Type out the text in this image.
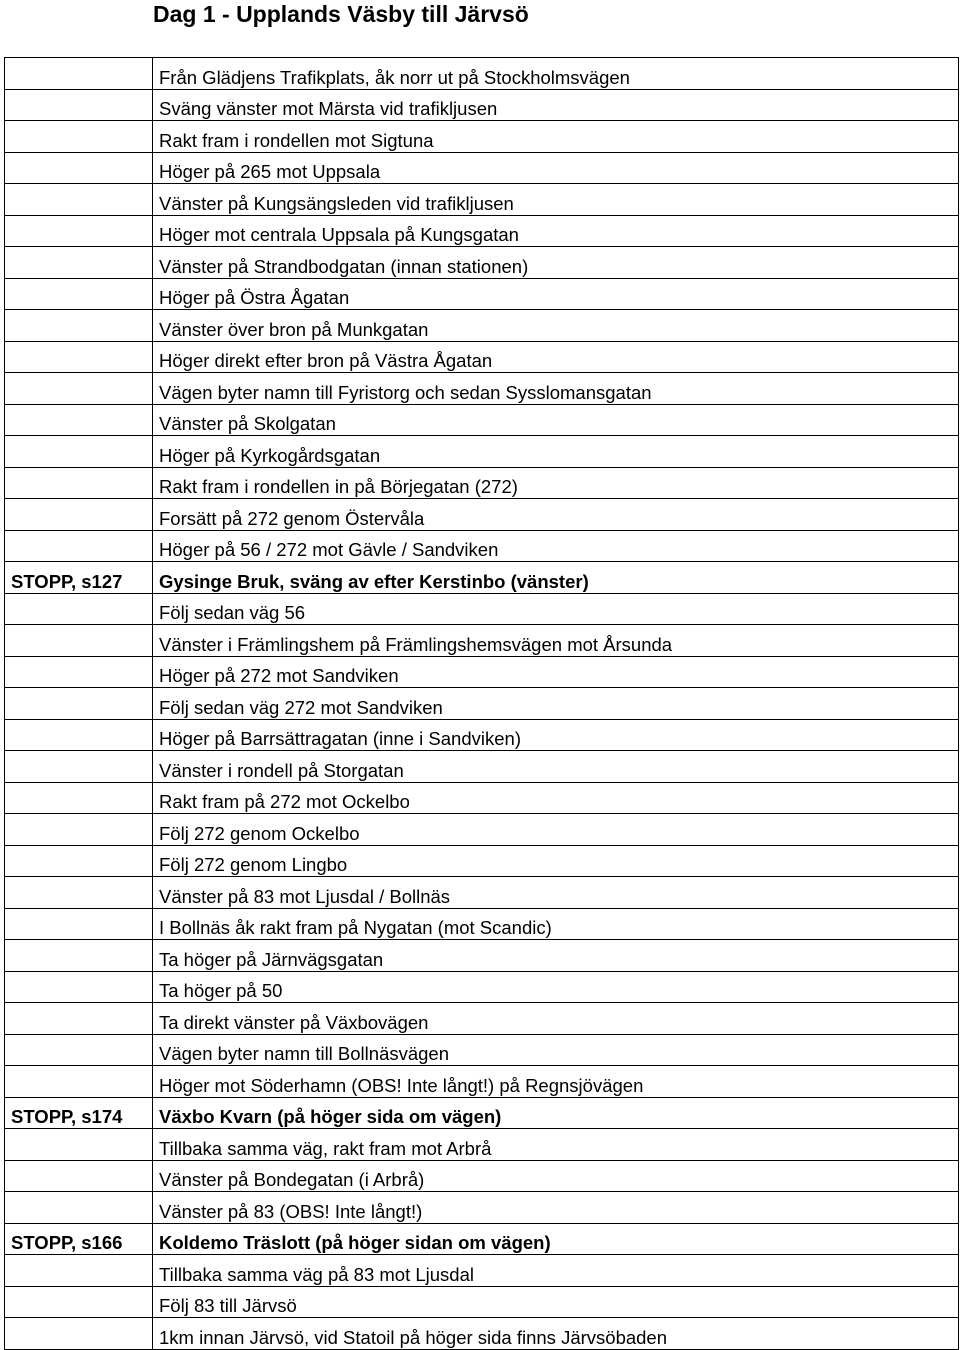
Dag 1 - Upplands Väsby till Järvsö
	Från Glädjens Trafikplats, åk norr ut på Stockholmsvägen
	Sväng vänster mot Märsta vid trafikljusen
	Rakt fram i rondellen mot Sigtuna
	Höger på 265 mot Uppsala
	Vänster på Kungsängsleden vid trafikljusen
	Höger mot centrala Uppsala på Kungsgatan
	Vänster på Strandbodgatan (innan stationen)
	Höger på Östra Ågatan
	Vänster över bron på Munkgatan
	Höger direkt efter bron på Västra Ågatan
	Vägen byter namn till Fyristorg och sedan Sysslomansgatan
	Vänster på Skolgatan
	Höger på Kyrkogårdsgatan
	Rakt fram i rondellen in på Börjegatan (272)
	Forsätt på 272 genom Östervåla
	Höger på 56 / 272 mot Gävle / Sandviken
STOPP, s127	Gysinge Bruk, sväng av efter Kerstinbo (vänster)
	Följ sedan väg 56
	Vänster i Främlingshem på Främlingshemsvägen mot Årsunda
	Höger på 272 mot Sandviken
	Följ sedan väg 272 mot Sandviken
	Höger på Barrsättragatan (inne i Sandviken)
	Vänster i rondell på Storgatan
	Rakt fram på 272 mot Ockelbo
	Följ 272 genom Ockelbo
	Följ 272 genom Lingbo
	Vänster på 83 mot Ljusdal / Bollnäs
	I Bollnäs åk rakt fram på Nygatan (mot Scandic)
	Ta höger på Järnvägsgatan
	Ta höger på 50
	Ta direkt vänster på Växbovägen
	Vägen byter namn till Bollnäsvägen
	Höger mot Söderhamn (OBS! Inte långt!) på Regnsjövägen
STOPP, s174	Växbo Kvarn (på höger sida om vägen)
	Tillbaka samma väg, rakt fram mot Arbrå
	Vänster på Bondegatan (i Arbrå)
	Vänster på 83 (OBS! Inte långt!)
STOPP, s166	Koldemo Träslott (på höger sidan om vägen)
	Tillbaka samma väg på 83 mot Ljusdal
	Följ 83 till Järvsö
	1km innan Järvsö, vid Statoil på höger sida finns Järvsöbaden
